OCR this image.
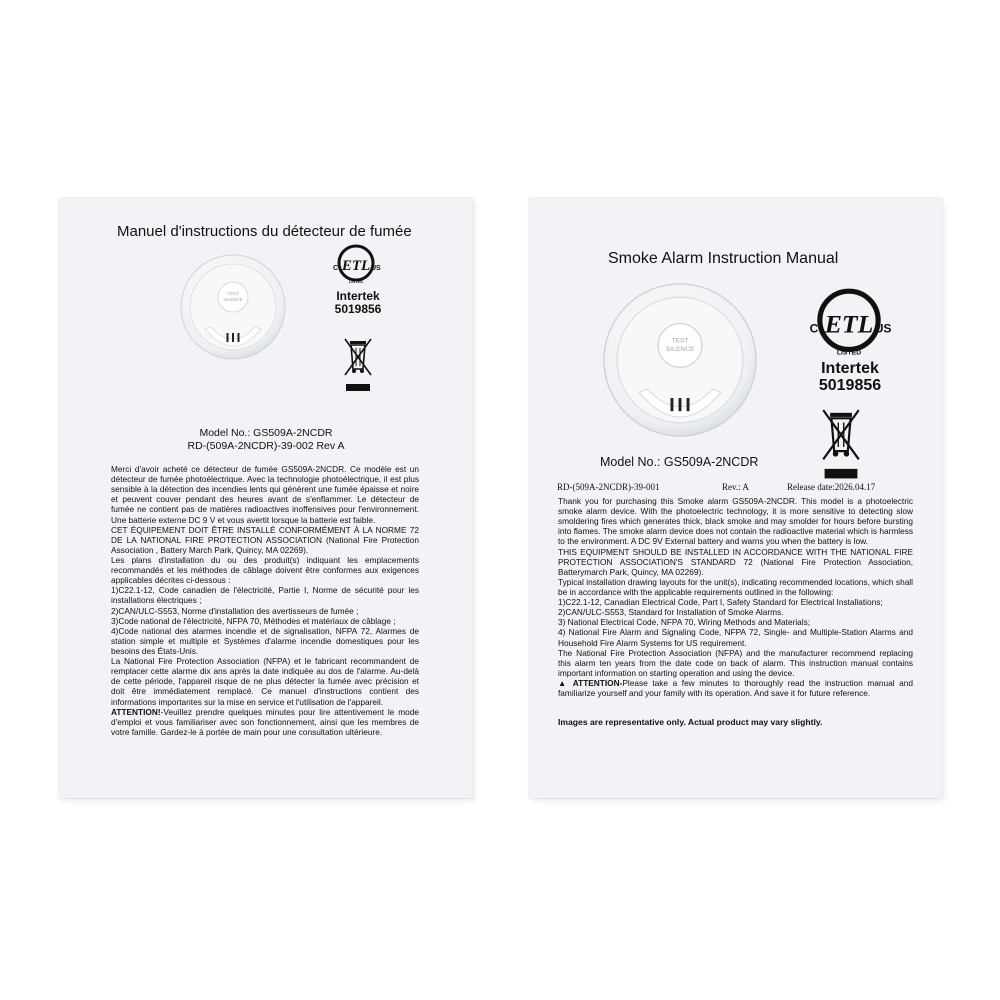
Manuel d'instructions du détecteur de fumée
TEST
SILENCE
ETL
C	US
LISTED
Intertek
5019856
Model No.: GS509A-2NCDR
RD-(509A-2NCDR)-39-002 Rev A

Merci d'avoir acheté ce détecteur de fumée GS509A-2NCDR. Ce modèle est un détecteur de fumée photoélectrique. Avec la technologie photoélectrique, il est plus sensible à la détection des incendies lents qui génèrent une fumée épaisse et noire et peuvent couver pendant des heures avant de s'enflammer. Le détecteur de fumée ne contient pas de matières radioactives inoffensives pour l'environnement. Une batterie externe DC 9 V et vous avertit lorsque la batterie est faible.

CET ÉQUIPEMENT DOIT ÊTRE INSTALLÉ CONFORMÉMENT À LA NORME 72 DE LA NATIONAL FIRE PROTECTION ASSOCIATION (National Fire Protection Association , Battery March Park, Quincy, MA 02269).

Les plans d'installation du ou des produit(s) indiquant les emplacements recommandés et les méthodes de câblage doivent être conformes aux exigences applicables décrites ci-dessous :

1)C22.1-12, Code canadien de l'électricité, Partie I, Norme de sécurité pour les installations électriques ;

2)CAN/ULC-S553, Norme d'installation des avertisseurs de fumée ;

3)Code national de l'électricité, NFPA 70, Méthodes et matériaux de câblage ;

4)Code national des alarmes incendie et de signalisation, NFPA 72, Alarmes de station simple et multiple et Systèmes d'alarme incendie domestiques pour les besoins des États-Unis.

La National Fire Protection Association (NFPA) et le fabricant recommandent de remplacer cette alarme dix ans après la date indiquée au dos de l'alarme. Au-delà de cette période, l'appareil risque de ne plus détecter la fumée avec précision et doit être immédiatement remplacé. Ce manuel d'instructions contient des informations importantes sur la mise en service et l'utilisation de l'appareil.

ATTENTION!-Veuillez prendre quelques minutes pour lire attentivement le mode d'emploi et vous familiariser avec son fonctionnement, ainsi que les membres de votre famille. Gardez-le à portée de main pour une consultation ultérieure.

Smoke Alarm Instruction Manual
TEST
SILENCE
ETL
C	US
LISTED
Intertek
5019856
Model No.: GS509A-2NCDR
RD-(509A-2NCDR)-39-001	Rev.: A	Release date:2026.04.17

Thank you for purchasing this Smoke alarm GS509A-2NCDR. This model is a photoelectric smoke alarm device. With the photoelectric technology, it is more sensitive to detecting slow smoldering fires which generates thick, black smoke and may smolder for hours before bursting into flames. The smoke alarm device does not contain the radioactive material which is harmless to the environment. A DC 9V External battery and warns you when the battery is low.

THIS EQUIPMENT SHOULD BE INSTALLED IN ACCORDANCE WITH THE NATIONAL FIRE PROTECTION ASSOCIATION'S STANDARD 72 (National Fire Protection Association, Batterymarch Park, Quincy, MA 02269).

Typical installation drawing layouts for the unit(s), indicating recommended locations, which shall be in accordance with the applicable requirements outlined in the following:

1)C22.1-12, Canadian Electrical Code, Part I, Safety Standard for Electrical Installations;

2)CAN/ULC-S553, Standard for Installation of Smoke Alarms.

3) National Electrical Code, NFPA 70, Wiring Methods and Materials;

4) National Fire Alarm and Signaling Code, NFPA 72, Single- and Multiple-Station Alarms and Household Fire Alarm Systems for US requirement.

The National Fire Protection Association (NFPA) and the manufacturer recommend replacing this alarm ten years from the date code on back of alarm. This instruction manual contains important information on starting operation and using the device.

▲ ATTENTION-Please take a few minutes to thoroughly read the instruction manual and familiarize yourself and your family with its operation. And save it for future reference.

Images are representative only. Actual product may vary slightly.
